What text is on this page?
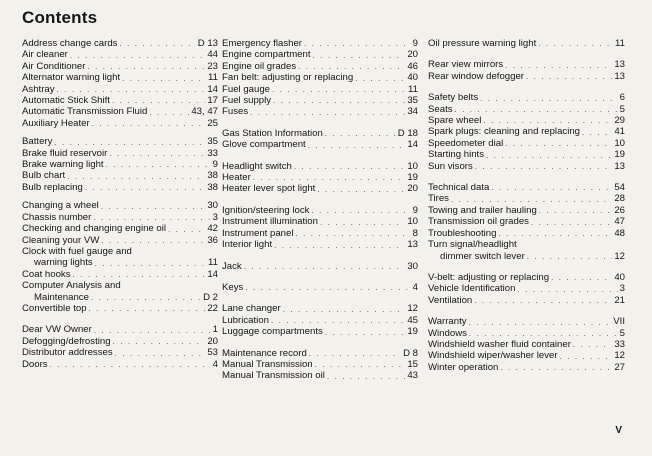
Contents
Address change cards . . .	D 13
Air cleaner . . .	44
Air Conditioner . . .	23
Alternator warning light . . .	11
Ashtray . . .	14
Automatic Stick Shift . . .	17
Automatic Transmission Fluid . . .	43, 47
Auxiliary Heater . . .	25
Battery . . .	35
Brake fluid reservoir . . .	33
Brake warning light . . .	9
Bulb chart . . .	38
Bulb replacing . . .	38
Changing a wheel . . .	30
Chassis number . . .	3
Checking and changing engine oil . . .	42
Cleaning your VW . . .	36
Clock with fuel gauge and
warning lights . . .	11
Coat hooks . . .	14
Computer Analysis and
Maintenance . . .	D 2
Convertible top . . .	22
Dear VW Owner . . .	1
Defogging/defrosting . . .	20
Distributor addresses . . .	53
Doors . . .	4
Emergency flasher . . .	9
Engine compartment . . .	20
Engine oil grades . . .	46
Fan belt: adjusting or replacing . . .	40
Fuel gauge . . .	11
Fuel supply . . .	35
Fuses . . .	34
Gas Station Information . . .	D 18
Glove compartment . . .	14
Headlight switch . . .	10
Heater . . .	19
Heater lever spot light . . .	20
Ignition/steering lock . . .	9
Instrument illumination . . .	10
Instrument panel . . .	8
Interior light . . .	13
Jack . . .	30
Keys . . .	4
Lane changer . . .	12
Lubrication . . .	45
Luggage compartments . . .	19
Maintenance record . . .	D 8
Manual Transmission . . .	15
Manual Transmission oil . . .	43
Oil pressure warning light . . .	11
Rear view mirrors . . .	13
Rear window defogger . . .	13
Safety belts . . .	6
Seats . . .	5
Spare wheel . . .	29
Spark plugs: cleaning and replacing . . .	41
Speedometer dial . . .	10
Starting hints . . .	19
Sun visors . . .	13
Technical data . . .	54
Tires . . .	28
Towing and trailer hauling . . .	26
Transmission oil grades . . .	47
Troubleshooting . . .	48
Turn signal/headlight
dimmer switch lever . . .	12
V-belt: adjusting or replacing . . .	40
Vehicle Identification . . .	3
Ventilation . . .	21
Warranty . . .	VII
Windows . . .	5
Windshield washer fluid container . . .	33
Windshield wiper/washer lever . . .	12
Winter operation . . .	27
V
